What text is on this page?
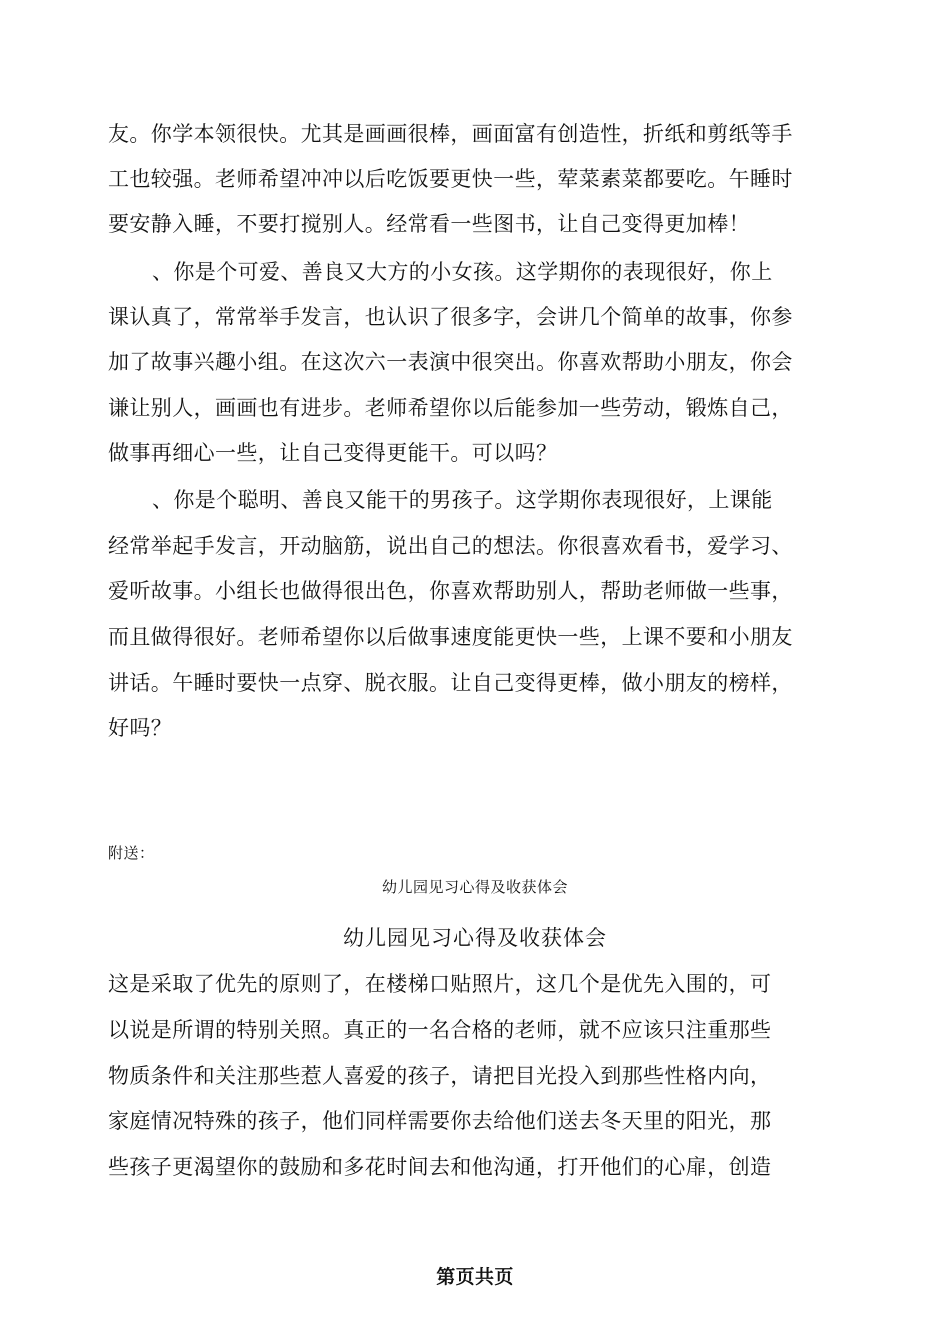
友。你学本领很快。尤其是画画很棒，画面富有创造性，折纸和剪纸等手
工也较强。老师希望冲冲以后吃饭要更快一些，荤菜素菜都要吃。午睡时
要安静入睡，不要打搅别人。经常看一些图书，让自己变得更加棒！
、你是个可爱、善良又大方的小女孩。这学期你的表现很好，你上
课认真了，常常举手发言，也认识了很多字，会讲几个简单的故事，你参
加了故事兴趣小组。在这次六一表演中很突出。你喜欢帮助小朋友，你会
谦让别人，画画也有进步。老师希望你以后能参加一些劳动，锻炼自己，
做事再细心一些，让自己变得更能干。可以吗？
、你是个聪明、善良又能干的男孩子。这学期你表现很好，上课能
经常举起手发言，开动脑筋，说出自己的想法。你很喜欢看书，爱学习、
爱听故事。小组长也做得很出色，你喜欢帮助别人，帮助老师做一些事，
而且做得很好。老师希望你以后做事速度能更快一些，上课不要和小朋友
讲话。午睡时要快一点穿、脱衣服。让自己变得更棒，做小朋友的榜样，
好吗？
附送：
幼儿园见习心得及收获体会
幼儿园见习心得及收获体会
这是采取了优先的原则了，在楼梯口贴照片，这几个是优先入围的，可
以说是所谓的特别关照。真正的一名合格的老师，就不应该只注重那些
物质条件和关注那些惹人喜爱的孩子，请把目光投入到那些性格内向，
家庭情况特殊的孩子，他们同样需要你去给他们送去冬天里的阳光，那
些孩子更渴望你的鼓励和多花时间去和他沟通，打开他们的心扉，创造
第页共页
